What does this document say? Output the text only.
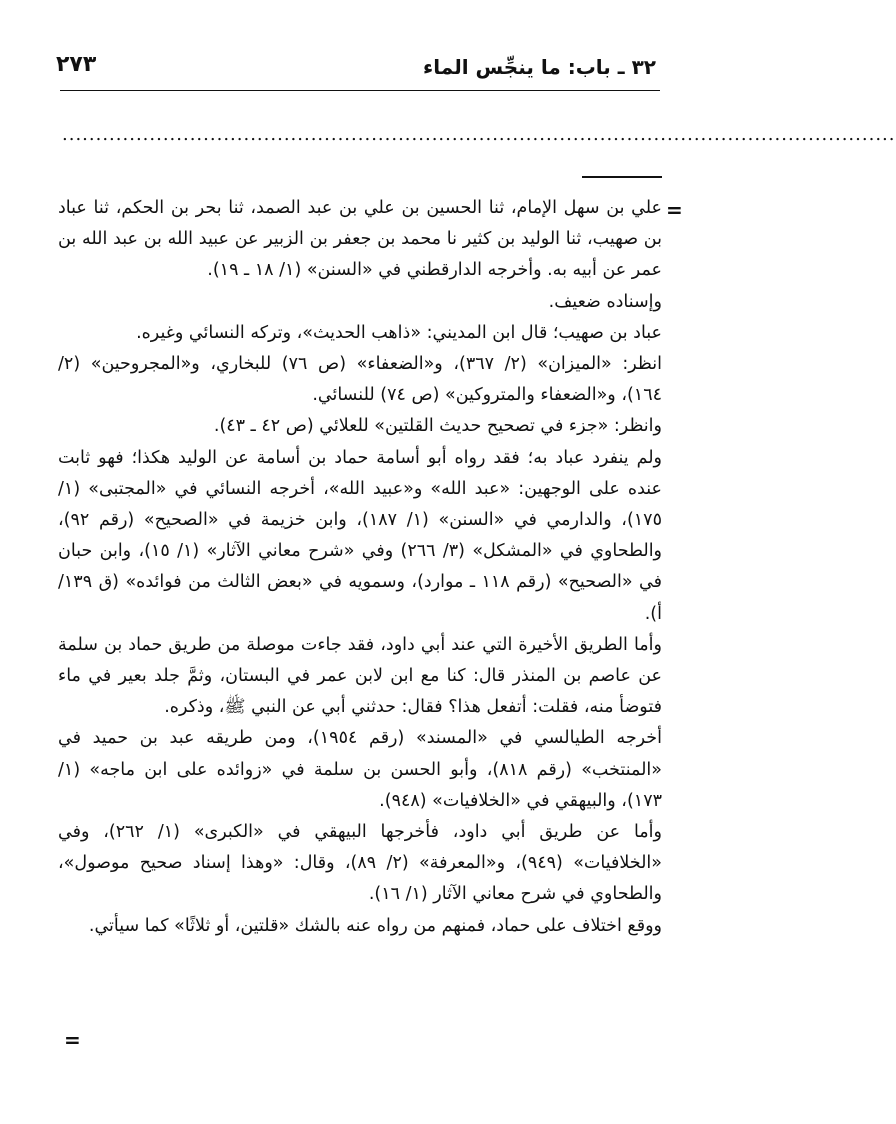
٣٢ ـ باب: ما ينجِّس الماء
٢٧٣
............................................................................................................................
=

علي بن سهل الإمام، ثنا الحسين بن علي بن عبد الصمد، ثنا بحر بن الحكم، ثنا عباد بن صهيب، ثنا الوليد بن كثير نا محمد بن جعفر بن الزبير عن عبيد الله بن عبد الله بن عمر عن أبيه به. وأخرجه الدارقطني في «السنن» (١/ ١٨ ـ ١٩).

وإسناده ضعيف.

عباد بن صهيب؛ قال ابن المديني: «ذاهب الحديث»، وتركه النسائي وغيره.

انظر: «الميزان» (٢/ ٣٦٧)، و«الضعفاء» (ص ٧٦) للبخاري، و«المجروحين» (٢/ ١٦٤)، و«الضعفاء والمتروكين» (ص ٧٤) للنسائي.

وانظر: «جزء في تصحيح حديث القلتين» للعلائي (ص ٤٢ ـ ٤٣).

ولم ينفرد عباد به؛ فقد رواه أبو أسامة حماد بن أسامة عن الوليد هكذا؛ فهو ثابت عنده على الوجهين: «عبد الله» و«عبيد الله»، أخرجه النسائي في «المجتبى» (١/ ١٧٥)، والدارمي في «السنن» (١/ ١٨٧)، وابن خزيمة في «الصحيح» (رقم ٩٢)، والطحاوي في «المشكل» (٣/ ٢٦٦) وفي «شرح معاني الآثار» (١/ ١٥)، وابن حبان في «الصحيح» (رقم ١١٨ ـ موارد)، وسمويه في «بعض الثالث من فوائده» (ق ١٣٩/ أ).

وأما الطريق الأخيرة التي عند أبي داود، فقد جاءت موصلة من طريق حماد بن سلمة عن عاصم بن المنذر قال: كنا مع ابن لابن عمر في البستان، وثمَّ جلد بعير في ماء فتوضأ منه، فقلت: أتفعل هذا؟ فقال: حدثني أبي عن النبي ﷺ، وذكره.

أخرجه الطيالسي في «المسند» (رقم ١٩٥٤)، ومن طريقه عبد بن حميد في «المنتخب» (رقم ٨١٨)، وأبو الحسن بن سلمة في «زوائده على ابن ماجه» (١/ ١٧٣)، والبيهقي في «الخلافيات» (٩٤٨).

وأما عن طريق أبي داود، فأخرجها البيهقي في «الكبرى» (١/ ٢٦٢)، وفي «الخلافيات» (٩٤٩)، و«المعرفة» (٢/ ٨٩)، وقال: «وهذا إسناد صحيح موصول»، والطحاوي في شرح معاني الآثار (١/ ١٦).

ووقع اختلاف على حماد، فمنهم من رواه عنه بالشك «قلتين، أو ثلاثًا» كما سيأتي.

=
